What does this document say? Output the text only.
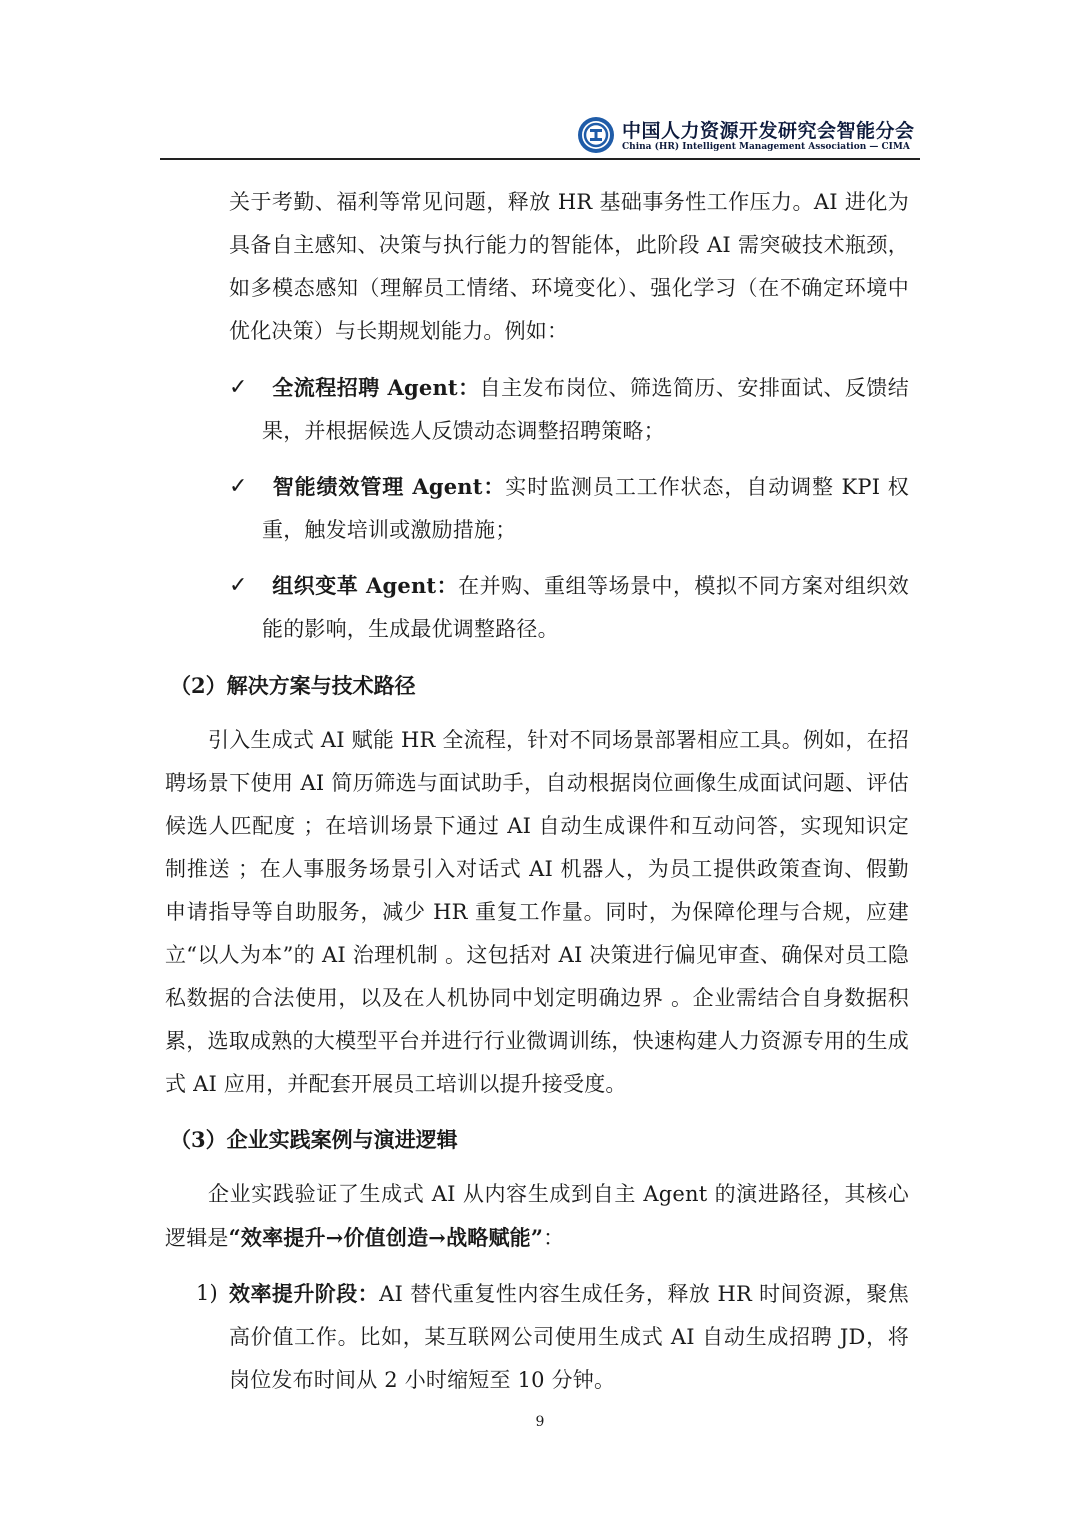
中国人力资源开发研究会智能分会
China (HR) Intelligent Management Association — CIMA
关于考勤、福利等常见问题，释放 HR 基础事务性工作压力。AI 进化为具备自主感知、决策与执行能力的智能体，此阶段 AI 需突破技术瓶颈，如多模态感知（理解员工情绪、环境变化）、强化学习（在不确定环境中优化决策）与长期规划能力。例如：
✓	全流程招聘 Agent：自主发布岗位、筛选简历、安排面试、反馈结果，并根据候选人反馈动态调整招聘策略；
✓	智能绩效管理 Agent：实时监测员工工作状态，自动调整 KPI 权重，触发培训或激励措施；
✓	组织变革 Agent：在并购、重组等场景中，模拟不同方案对组织效能的影响，生成最优调整路径。
（2）解决方案与技术路径
引入生成式 AI 赋能 HR 全流程，针对不同场景部署相应工具。例如，在招聘场景下使用 AI 简历筛选与面试助手，自动根据岗位画像生成面试问题、评估候选人匹配度 ；在培训场景下通过 AI 自动生成课件和互动问答，实现知识定制推送 ；在人事服务场景引入对话式 AI 机器人，为员工提供政策查询、假勤申请指导等自助服务，减少 HR 重复工作量。同时，为保障伦理与合规，应建立“以人为本”的 AI 治理机制 。这包括对 AI 决策进行偏见审查、确保对员工隐私数据的合法使用，以及在人机协同中划定明确边界 。企业需结合自身数据积累，选取成熟的大模型平台并进行行业微调训练，快速构建人力资源专用的生成式 AI 应用，并配套开展员工培训以提升接受度。
（3）企业实践案例与演进逻辑
企业实践验证了生成式 AI 从内容生成到自主 Agent 的演进路径，其核心逻辑是“效率提升→价值创造→战略赋能”：
1) 效率提升阶段：AI 替代重复性内容生成任务，释放 HR 时间资源，聚焦高价值工作。比如，某互联网公司使用生成式 AI 自动生成招聘 JD，将岗位发布时间从 2 小时缩短至 10 分钟。
9
